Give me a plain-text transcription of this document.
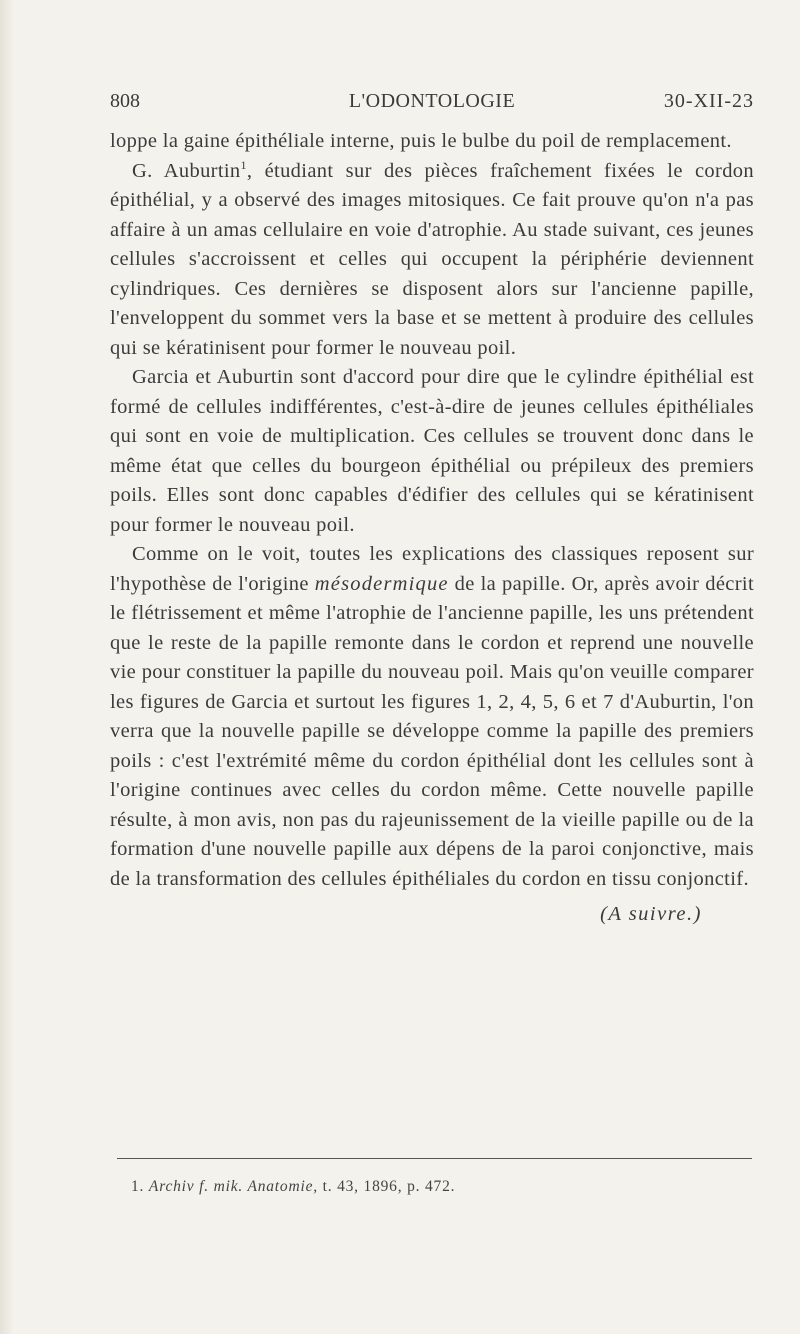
L'ODONTOLOGIE
808	30-XII-23

loppe la gaine épithéliale interne, puis le bulbe du poil de remplacement.

G. Auburtin$^1$, étudiant sur des pièces fraîchement fixées le cordon épithélial, y a observé des images mitosiques. Ce fait prouve qu'on n'a pas affaire à un amas cellulaire en voie d'atrophie. Au stade suivant, ces jeunes cellules s'accroissent et celles qui occupent la périphérie deviennent cylindriques. Ces dernières se disposent alors sur l'ancienne papille, l'enveloppent du sommet vers la base et se mettent à produire des cellules qui se kératinisent pour former le nouveau poil.

Garcia et Auburtin sont d'accord pour dire que le cylindre épithélial est formé de cellules indifférentes, c'est-à-dire de jeunes cellules épithéliales qui sont en voie de multiplication. Ces cellules se trouvent donc dans le même état que celles du bourgeon épithélial ou prépileux des premiers poils. Elles sont donc capables d'édifier des cellules qui se kératinisent pour former le nouveau poil.

Comme on le voit, toutes les explications des classiques reposent sur l'hypothèse de l'origine mésodermique de la papille. Or, après avoir décrit le flétrissement et même l'atrophie de l'ancienne papille, les uns prétendent que le reste de la papille remonte dans le cordon et reprend une nouvelle vie pour constituer la papille du nouveau poil. Mais qu'on veuille comparer les figures de Garcia et surtout les figures 1, 2, 4, 5, 6 et 7 d'Auburtin, l'on verra que la nouvelle papille se développe comme la papille des premiers poils : c'est l'extrémité même du cordon épithélial dont les cellules sont à l'origine continues avec celles du cordon même. Cette nouvelle papille résulte, à mon avis, non pas du rajeunissement de la vieille papille ou de la formation d'une nouvelle papille aux dépens de la paroi conjonctive, mais de la transformation des cellules épithéliales du cordon en tissu conjonctif.

(A suivre.)
1. Archiv f. mik. Anatomie, t. 43, 1896, p. 472.
